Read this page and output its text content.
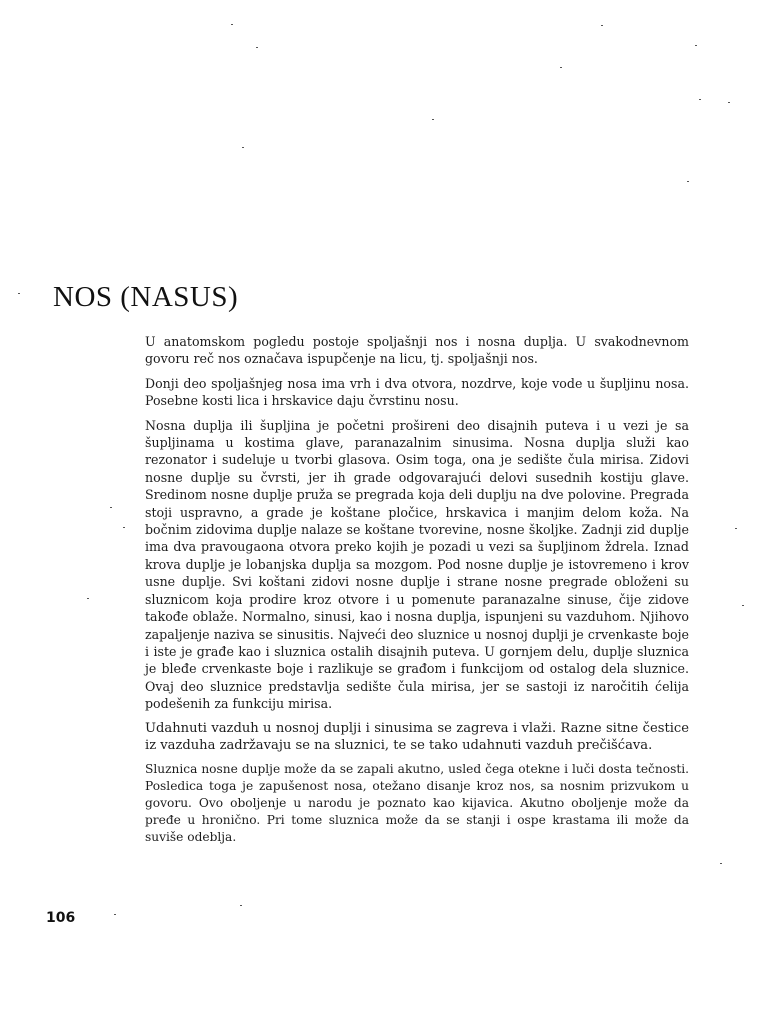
NOS (NASUS)

U anatomskom pogledu postoje spoljašnji nos i nosna duplja. U svakodnevnom govoru reč nos označava ispupčenje na licu, tj. spoljašnji nos.

Donji deo spoljašnjeg nosa ima vrh i dva otvora, nozdrve, koje vode u šupljinu nosa. Posebne kosti lica i hrskavice daju čvrstinu nosu.

Nosna duplja ili šupljina je početni prošireni deo disajnih puteva i u vezi je sa šupljinama u kostima glave, paranazalnim sinusima. Nosna duplja služi kao rezonator i sudeluje u tvorbi glasova. Osim toga, ona je sedište čula mirisa. Zidovi nosne duplje su čvrsti, jer ih grade odgovarajući delovi susednih kostiju glave. Sredinom nosne duplje pruža se pregrada koja deli duplju na dve polovine. Pregrada stoji uspravno, a grade je koštane pločice, hrskavica i manjim delom koža. Na bočnim zidovima duplje nalaze se koštane tvorevine, nosne školjke. Zadnji zid duplje ima dva pravougaona otvora preko kojih je pozadi u vezi sa šupljinom ždrela. Iznad krova duplje je lobanjska duplja sa mozgom. Pod nosne duplje je istovremeno i krov usne duplje. Svi koštani zidovi nosne duplje i strane nosne pregrade obloženi su sluznicom koja prodire kroz otvore i u pomenute paranazalne sinuse, čije zidove takođe oblaže. Normalno, sinusi, kao i nosna duplja, ispunjeni su vazduhom. Njihovo zapaljenje naziva se sinusitis. Najveći deo sluznice u nosnoj duplji je crvenkaste boje i iste je građe kao i sluznica ostalih disajnih puteva. U gornjem delu, duplje sluznica je bleđe crvenkaste boje i razlikuje se građom i funkcijom od ostalog dela sluznice. Ovaj deo sluznice predstavlja sedište čula mirisa, jer se sastoji iz naročitih ćelija podešenih za funkciju mirisa.

Udahnuti vazduh u nosnoj duplji i sinusima se zagreva i vlaži. Razne sitne čestice iz vazduha zadržavaju se na sluznici, te se tako udahnuti vazduh prečišćava.

Sluznica nosne duplje može da se zapali akutno, usled čega otekne i luči dosta tečnosti. Posledica toga je zapušenost nosa, otežano disanje kroz nos, sa nosnim prizvukom u govoru. Ovo oboljenje u narodu je poznato kao kijavica. Akutno oboljenje može da pređe u hronično. Pri tome sluznica može da se stanji i ospe krastama ili može da suviše odeblja.

106
